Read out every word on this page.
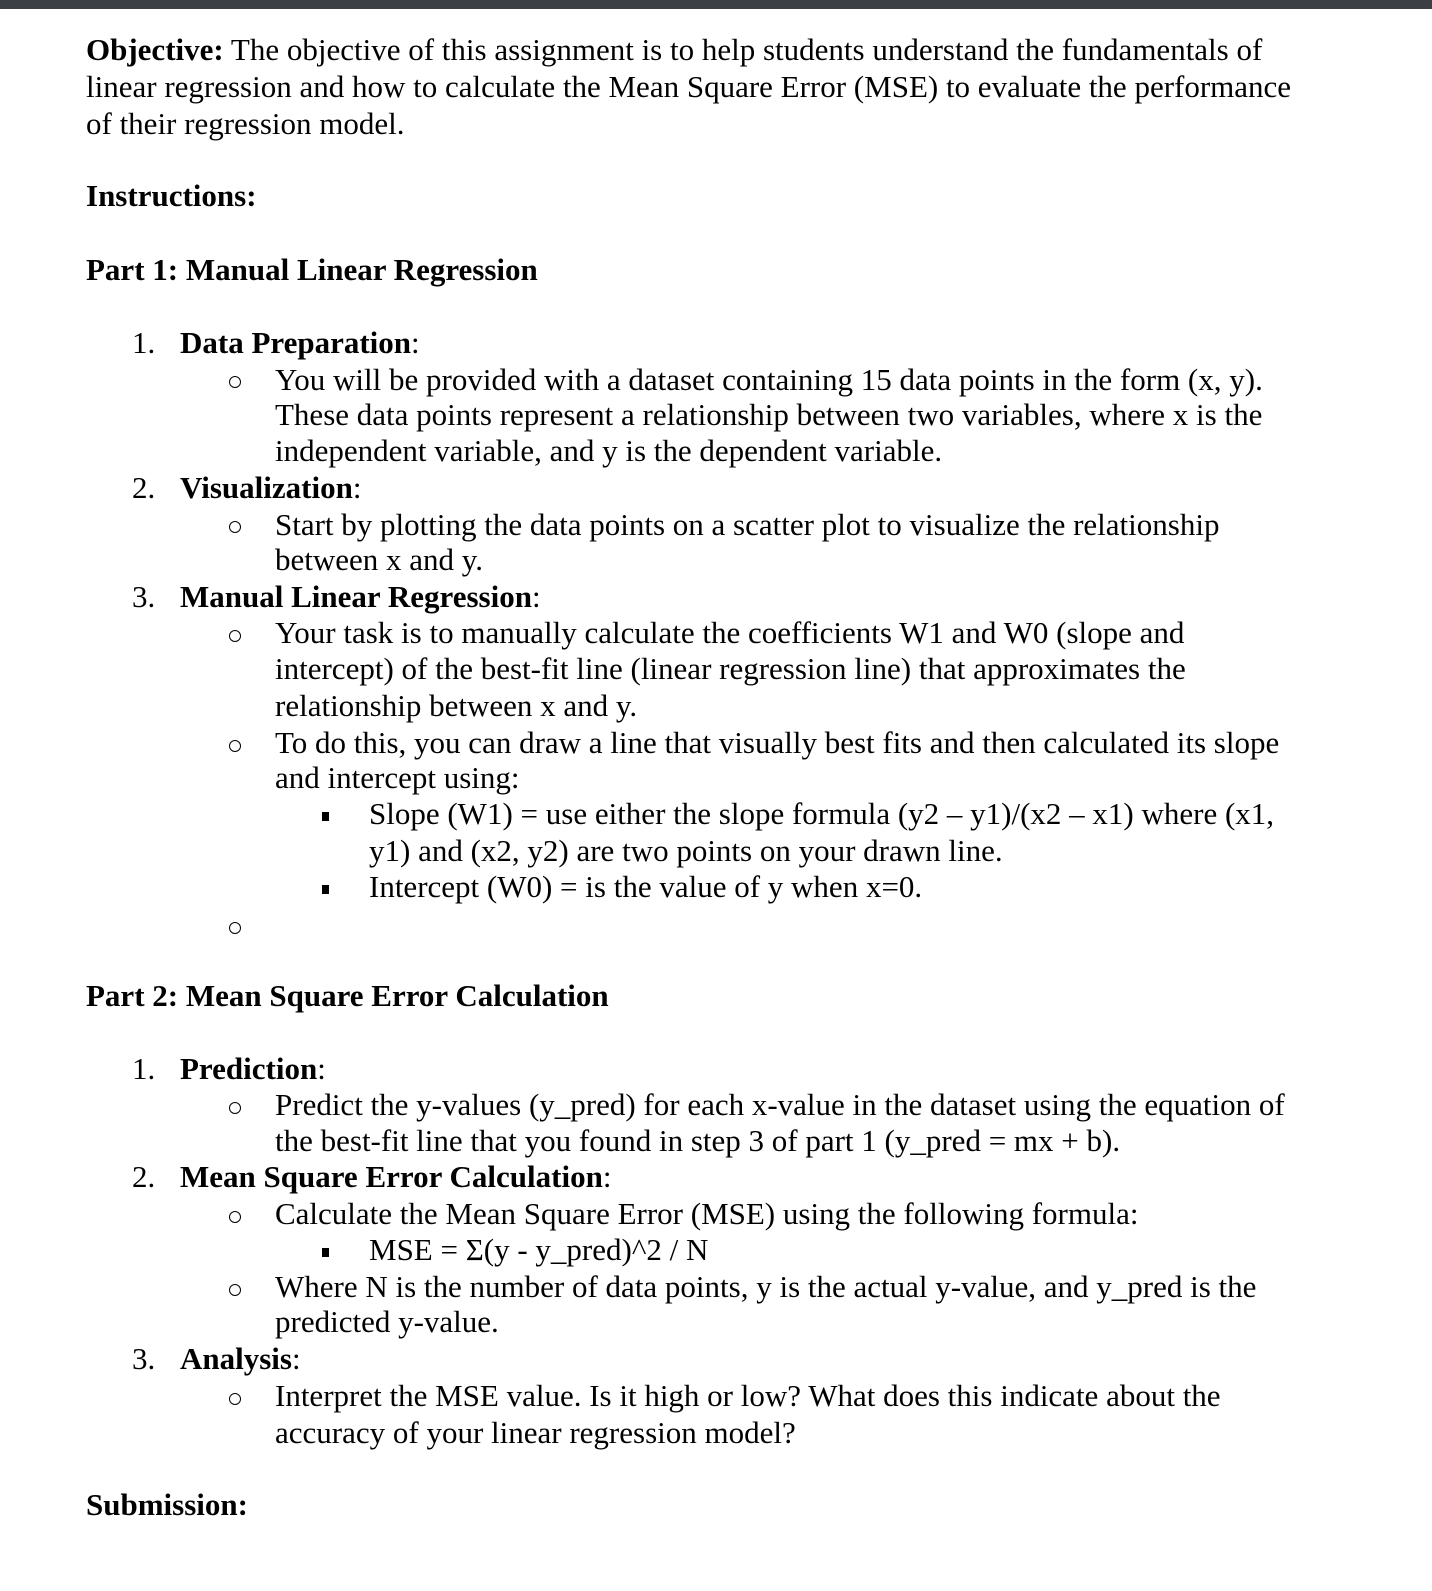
Objective: The objective of this assignment is to help students understand the fundamentals of
linear regression and how to calculate the Mean Square Error (MSE) to evaluate the performance
of their regression model.
Instructions:
Part 1: Manual Linear Regression
1. Data Preparation:
You will be provided with a dataset containing 15 data points in the form (x, y).
These data points represent a relationship between two variables, where x is the
independent variable, and y is the dependent variable.
2. Visualization:
Start by plotting the data points on a scatter plot to visualize the relationship
between x and y.
3. Manual Linear Regression:
Your task is to manually calculate the coefficients W1 and W0 (slope and
intercept) of the best-fit line (linear regression line) that approximates the
relationship between x and y.
To do this, you can draw a line that visually best fits and then calculated its slope
and intercept using:
Slope (W1) = use either the slope formula (y2 – y1)/(x2 – x1) where (x1,
y1) and (x2, y2) are two points on your drawn line.
Intercept (W0) = is the value of y when x=0.
Part 2: Mean Square Error Calculation
1. Prediction:
Predict the y-values (y_pred) for each x-value in the dataset using the equation of
the best-fit line that you found in step 3 of part 1 (y_pred = mx + b).
2. Mean Square Error Calculation:
Calculate the Mean Square Error (MSE) using the following formula:
MSE = Σ(y - y_pred)^2 / N
Where N is the number of data points, y is the actual y-value, and y_pred is the
predicted y-value.
3. Analysis:
Interpret the MSE value. Is it high or low? What does this indicate about the
accuracy of your linear regression model?
Submission:
